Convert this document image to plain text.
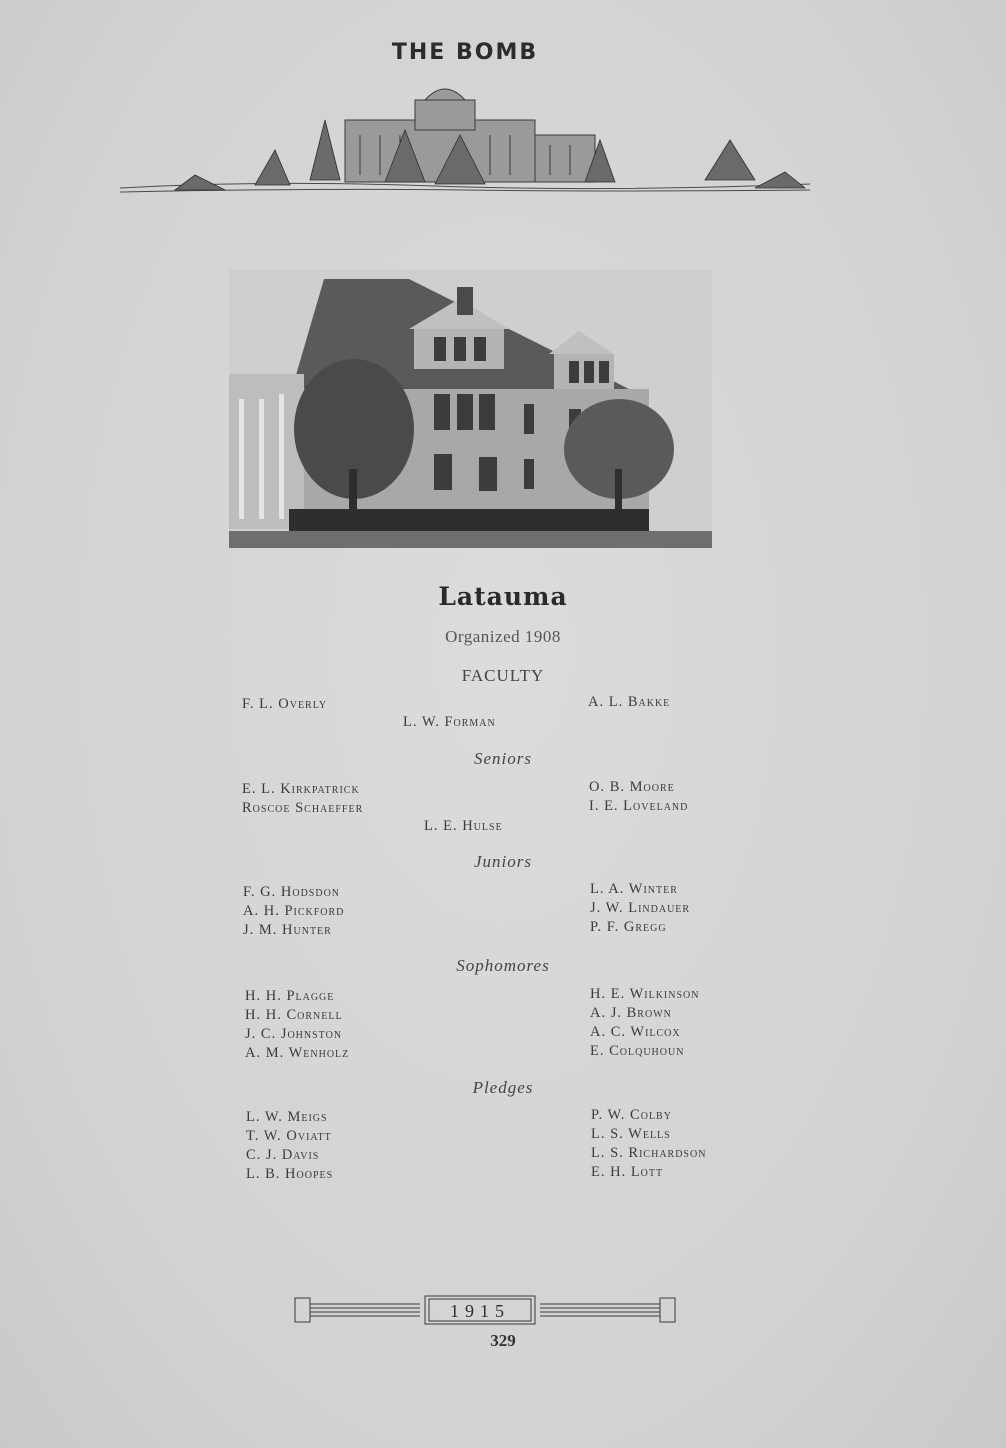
THE BOMB
Latauma
Organized 1908
FACULTY
F. L. Overly
L. W. Forman
A. L. Bakke
Seniors
E. L. Kirkpatrick
Roscoe Schaeffer
L. E. Hulse
O. B. Moore
I. E. Loveland
Juniors
F. G. Hodsdon
A. H. Pickford
J. M. Hunter
L. A. Winter
J. W. Lindauer
P. F. Gregg
Sophomores
H. H. Plagge
H. H. Cornell
J. C. Johnston
A. M. Wenholz
H. E. Wilkinson
A. J. Brown
A. C. Wilcox
E. Colquhoun
Pledges
L. W. Meigs
T. W. Oviatt
C. J. Davis
L. B. Hoopes
P. W. Colby
L. S. Wells
L. S. Richardson
E. H. Lott
1915
329
